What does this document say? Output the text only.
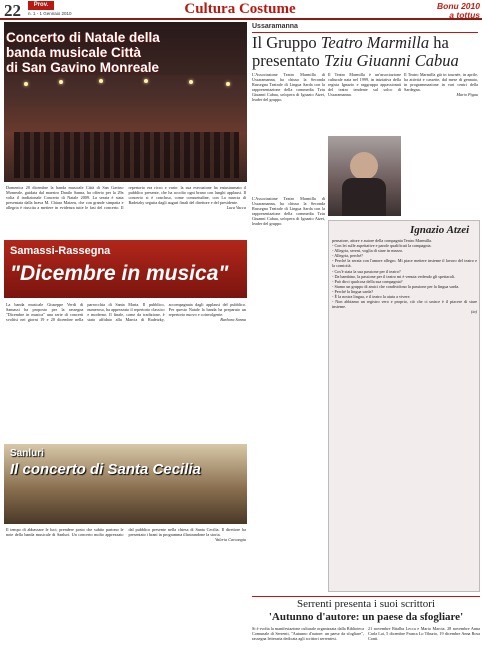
22	Prov.
n. 1 - 1 Gennaio 2010	Cultura Costume	Bonu 2010
a tottus
Concerto di Natale della
banda musicale Città
di San Gavino Monreale
Domenica 20 dicembre la banda musicale Città di San Gavino Monreale, guidata dal maestro Danilo Sanna, ha offerto per la 29a volta il tradizionale Concerto di Natale 2009. La serata è stata presentata dalla brava M. Chiara Matzeu, che con grande simpatia e allegria è riuscita a mettere in evidenza tutte le fasi del concerto. Il repertorio era ricco e vario: la sua esecuzione ha entusiasmato il pubblico presente, che ha accolto ogni brano con lunghi applausi. Il concerto si è concluso, come consuetudine, con La marcia di Radetzky seguita dagli auguri finali del direttore e del presidente.
Luca Vacca
Samassi-Rassegna
"Dicembre in musica"
La banda musicale Giuseppe Verdi di Samassi ha proposto per la rassegna "Dicembre in musica" una serie di concerti svoltisi nei giorni 19 e 20 dicembre nella parrocchia di Santa Maria. Il pubblico, numeroso, ha apprezzato il repertorio classico e moderno. Il finale, come da tradizione, è stato affidato alla Marcia di Radetzky, accompagnata dagli applausi del pubblico. Per questo Natale la banda ha preparato un repertorio nuovo e coinvolgente.
Barbara Sanna
Sanluri
Il concerto di Santa Cecilia
Il tempo di abbassare le luci, prendere posto che subito partono le note della banda musicale di Sanluri. Un concerto molto apprezzato dal pubblico presente nella chiesa di Santa Cecilia. Il direttore ha presentato i brani in programma illustrandone la storia.
Valeria Carcangiu
Ussaramanna
Il Gruppo Teatro Marmilla ha presentato Tziu Giuanni Cabua
L'Associazione Teatro Marmilla di Ussaramanna, ha chiuso la Seconda Rassegna Teatrale di Lingua Sarda con la rappresentazione della commedia Tziu Giuanni Cabua, un'opera di Ignazio Atzei, leader del gruppo.
Il Teatro Marmilla è un'associazione culturale nata nel 1999, in iniziativa della regista Ignazio e raggruppa appassionati del teatro tendente sul solco di Ussaramanna.
Il Teatro Marmilla già in tournée, in aprile, ha attività e cassette, dal mese di gennaio, in programmazione in vari centri della Sardegna.
Mario Pigau
Ignazio Atzei

pensatore, attore e autore della compagnia Teatro Marmilla.

- Con lei sulle aspettative e parole qualificati la compagnia.

- Allegria, sereni, voglia di stare in mezzo.

- Allegria, perché?

- Perché la serata con l'amore allegro. Mi piace mettere insieme il lavoro del teatro e la comicità.

- Cos'è stata la sua passione per il teatro?

- Da bambino, la passione per il teatro mi è venuta vedendo gli spettacoli.

- Può dirci qualcosa della sua compagnia?

- Siamo un gruppo di amici che condividono la passione per la lingua sarda.

- Perché la lingua sarda?

- È la nostra lingua, e il teatro la aiuta a vivere.

- Non abbiamo un registro vero e proprio, ciò che ci unisce è il piacere di stare insieme.

(ia)
L'Associazione Teatro Marmilla di Ussaramanna, ha chiuso la Seconda Rassegna Teatrale di Lingua Sarda con la rappresentazione della commedia Tziu Giuanni Cabua, un'opera di Ignazio Atzei, leader del gruppo.
Serrenti presenta i suoi scrittori
'Autunno d'autore: un paese da sfogliare'
Si è svolta la manifestazione culturale organizzata dalla Biblioteca Comunale di Serrenti, "Autunno d'autore: un paese da sfogliare", rassegna letteraria dedicata agli scrittori serrentesi.
21 novembre Ritalba Lecca e Mario Marcia; 28 novembre Anna Carla Lai, 5 dicembre Franca Lo Tiburio, 19 dicembre Anna Rosa Conti.
